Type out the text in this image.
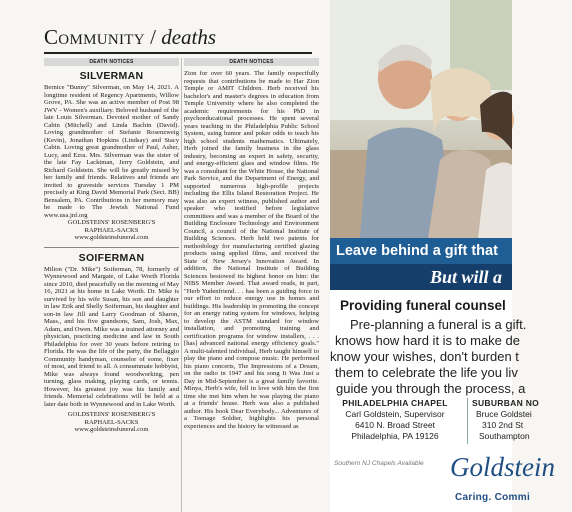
Community / deaths
DEATH NOTICES
SILVERMAN

Bernice "Bunny" Silverman, on May 14, 2021. A longtime resident of Regency Apartments, Willow Grove, PA. She was an active member of Post 98 JWV - Women's auxiliary. Beloved husband of the late Louis Silverman. Devoted mother of Sandy Cabin (Mitchell) and Linda Bachin (David). Loving grandmother of Stefanie Rosenzweig (Kevin), Jonathan Hopkins (Lindsay) and Stacy Cabin. Loving great grandmother of Paul, Asher, Lucy, and Ezra. Mrs. Silverman was the sister of the late Fay Lacktman, Jerry Goldstein, and Richard Goldstein. She will be greatly missed by her family and friends. Relatives and friends are invited to graveside services Tuesday 1 PM precisely at King David Memorial Park (Sect. BB) Bensalem, PA. Contributions in her memory may be made to The Jewish National Fund www.usa.jnf.org

GOLDSTEINS' ROSENBERG'S
RAPHAEL-SACKS
www.goldsteinsfuneral.com
SOIFERMAN

Milton ("Dr. Mike") Soiferman, 78, formerly of Wynnewood and Margate, of Lake Worth Florida since 2010, died peacefully on the morning of May 16, 2021 at his home in Lake Worth. Dr. Mike is survived by his wife Susan, his son and daughter in law Erik and Shelly Soiferman, his daughter and son-in law Jill and Larry Goodman of Sharon, Mass., and his five grandsons, Sam, Josh, Max, Adam, and Owen. Mike was a trained attorney and physician, practicing medicine and law in South Philadelphia for over 30 years before retiring to Florida. He was the life of the party, the Bellaggio Community handyman, counselor of some, fixer of most, and friend to all. A consummate hobbyist, Mike was always found woodworking, pen turning, glass making, playing cards, or tennis. However, his greatest joy was his family and friends. Memorial celebrations will be held at a later date both in Wynnewood and in Lake Worth.

GOLDSTEINS' ROSENBERG'S
RAPHAEL-SACKS
www.goldsteinsfuneral.com
DEATH NOTICES

Zion for over 60 years. The family respectfully requests that contributions be made to Har Zion Temple or AMIT Children. Herb received his bachelor's and master's degrees in education from Temple University where he also completed the academic requirements for his PhD in psychoeducational processes. He spent several years teaching in the Philadelphia Public School System, using humor and poker odds to teach his high school students mathematics. Ultimately, Herb joined the family business in the glass industry, becoming an expert in safety, security, and energy-efficient glass and window films. He was a consultant for the White House, the National Park Service, and the Department of Energy, and supported numerous high-profile projects including the Ellis Island Restoration Project. He was also an expert witness, published author and speaker who testified before legislative committees and was a member of the Board of the Building Enclosure Technology and Environment Council, a council of the National Institute of Building Sciences. Herb held two patents for methodology for manufacturing certified glazing products using applied films, and received the State of New Jersey's Innovation Award. In addition, the National Institute of Building Sciences bestowed its highest honor on him: the NIBS Member Award. That award reads, in part, "Herb Yudenfriend. . . has been a guiding force in our effort to reduce energy use in homes and buildings. His leadership in promoting the concept for an energy rating system for windows, helping to develop the ASTM standard for window installation, and promoting training and certification programs for window installers, . . . [has] advanced national energy efficiency goals." A multi-talented individual, Herb taught himself to play the piano and compose music. He performed his piano concerts, The Impressions of a Dream, on the radio in 1947 and his song It Was Just a Day in Mid-September is a great family favorite. Minya, Herb's wife, fell in love with him the first time she met him when he was playing the piano at a friends' house. Herb was also a published author. His book Dear Everybody... Adventures of a Teenage Soldier, highlights his personal experiences and the history he witnessed as

Leave behind a gift that
But will a
Providing funeral counsel
Pre-planning a funeral is a gift.
knows how hard it is to make de
know your wishes, don't burden t
them to celebrate the life you liv
guide you through the process, a
PHILADELPHIA CHAPEL
Carl Goldstein, Supervisor
6410 N. Broad Street
Philadelphia, PA 19126
SUBURBAN NO
Bruce Goldstei
310 2nd St
Southampton
Southern NJ Chapels Available Goldstein
Caring. Commi
